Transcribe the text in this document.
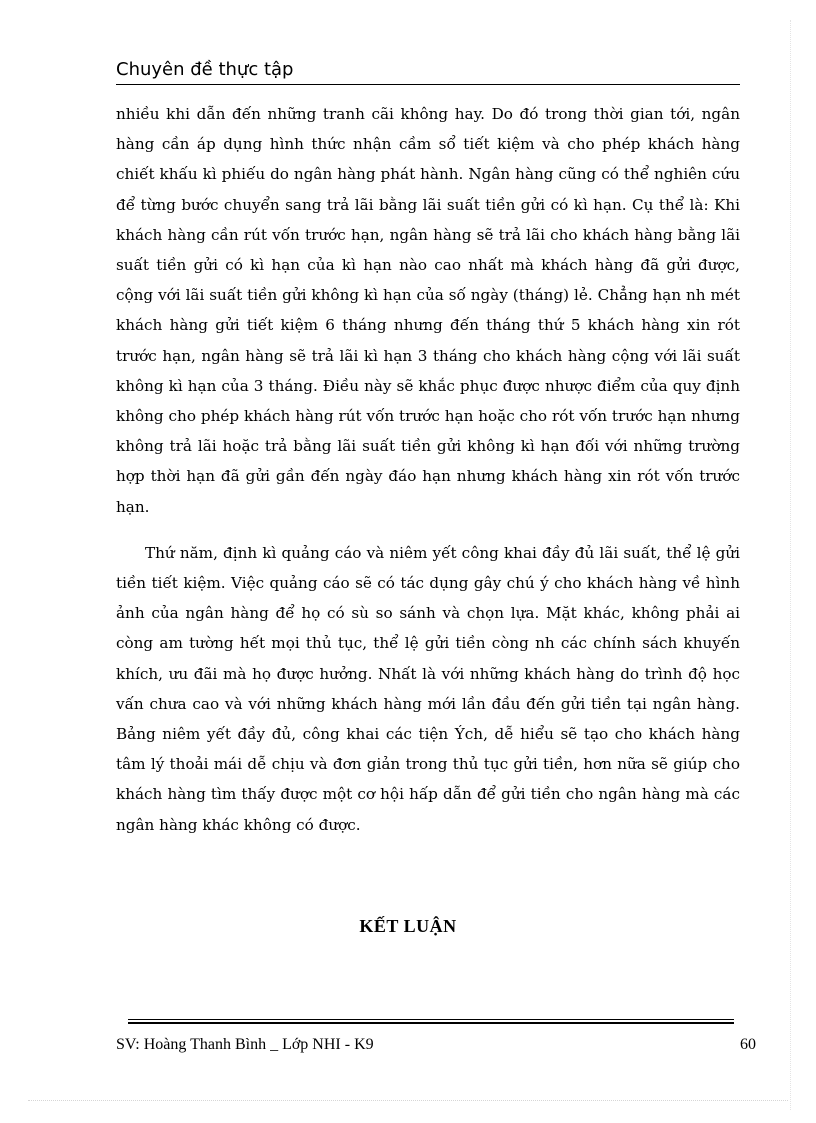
Chuyên đề thực tập

nhiều khi dẫn đến những tranh cãi không hay. Do đó trong thời gian tới, ngân hàng cần áp dụng hình thức nhận cầm sổ tiết kiệm và cho phép khách hàng chiết khấu kì phiếu do ngân hàng phát hành. Ngân hàng cũng có thể nghiên cứu để từng bước chuyển sang trả lãi bằng lãi suất tiền gửi có kì hạn. Cụ thể là: Khi khách hàng cần rút vốn trước hạn, ngân hàng sẽ trả lãi cho khách hàng bằng lãi suất tiền gửi có kì hạn của kì hạn nào cao nhất mà khách hàng đã gửi được, cộng với lãi suất tiền gửi không kì hạn của số ngày (tháng) lẻ. Chẳng hạn nh mét khách hàng gửi tiết kiệm 6 tháng nhưng đến tháng thứ 5 khách hàng xin rót trước hạn, ngân hàng sẽ trả lãi kì hạn 3 tháng cho khách hàng cộng với lãi suất không kì hạn của 3 tháng. Điều này sẽ khắc phục được nhược điểm của quy định không cho phép khách hàng rút vốn trước hạn hoặc cho rót vốn trước hạn nhưng không trả lãi hoặc trả bằng lãi suất tiền gửi không kì hạn đối với những trường hợp thời hạn đã gửi gần đến ngày đáo hạn nhưng khách hàng xin rót vốn trước hạn.

Thứ năm, định kì quảng cáo và niêm yết công khai đầy đủ lãi suất, thể lệ gửi tiền tiết kiệm. Việc quảng cáo sẽ có tác dụng gây chú ý cho khách hàng về hình ảnh của ngân hàng để họ có sù so sánh và chọn lựa. Mặt khác, không phải ai còng am tường hết mọi thủ tục, thể lệ gửi tiền còng nh các chính sách khuyến khích, ưu đãi mà họ được hưởng. Nhất là với những khách hàng do trình độ học vấn chưa cao và với những khách hàng mới lần đầu đến gửi tiền tại ngân hàng. Bảng niêm yết đầy đủ, công khai các tiện Ých, dễ hiểu sẽ tạo cho khách hàng tâm lý thoải mái dễ chịu và đơn giản trong thủ tục gửi tiền, hơn nữa sẽ giúp cho khách hàng tìm thấy được một cơ hội hấp dẫn để gửi tiền cho ngân hàng mà các ngân hàng khác không có được.

KẾT LUẬN
SV: Hoàng Thanh Bình _ Lớp NHI - K9	60
